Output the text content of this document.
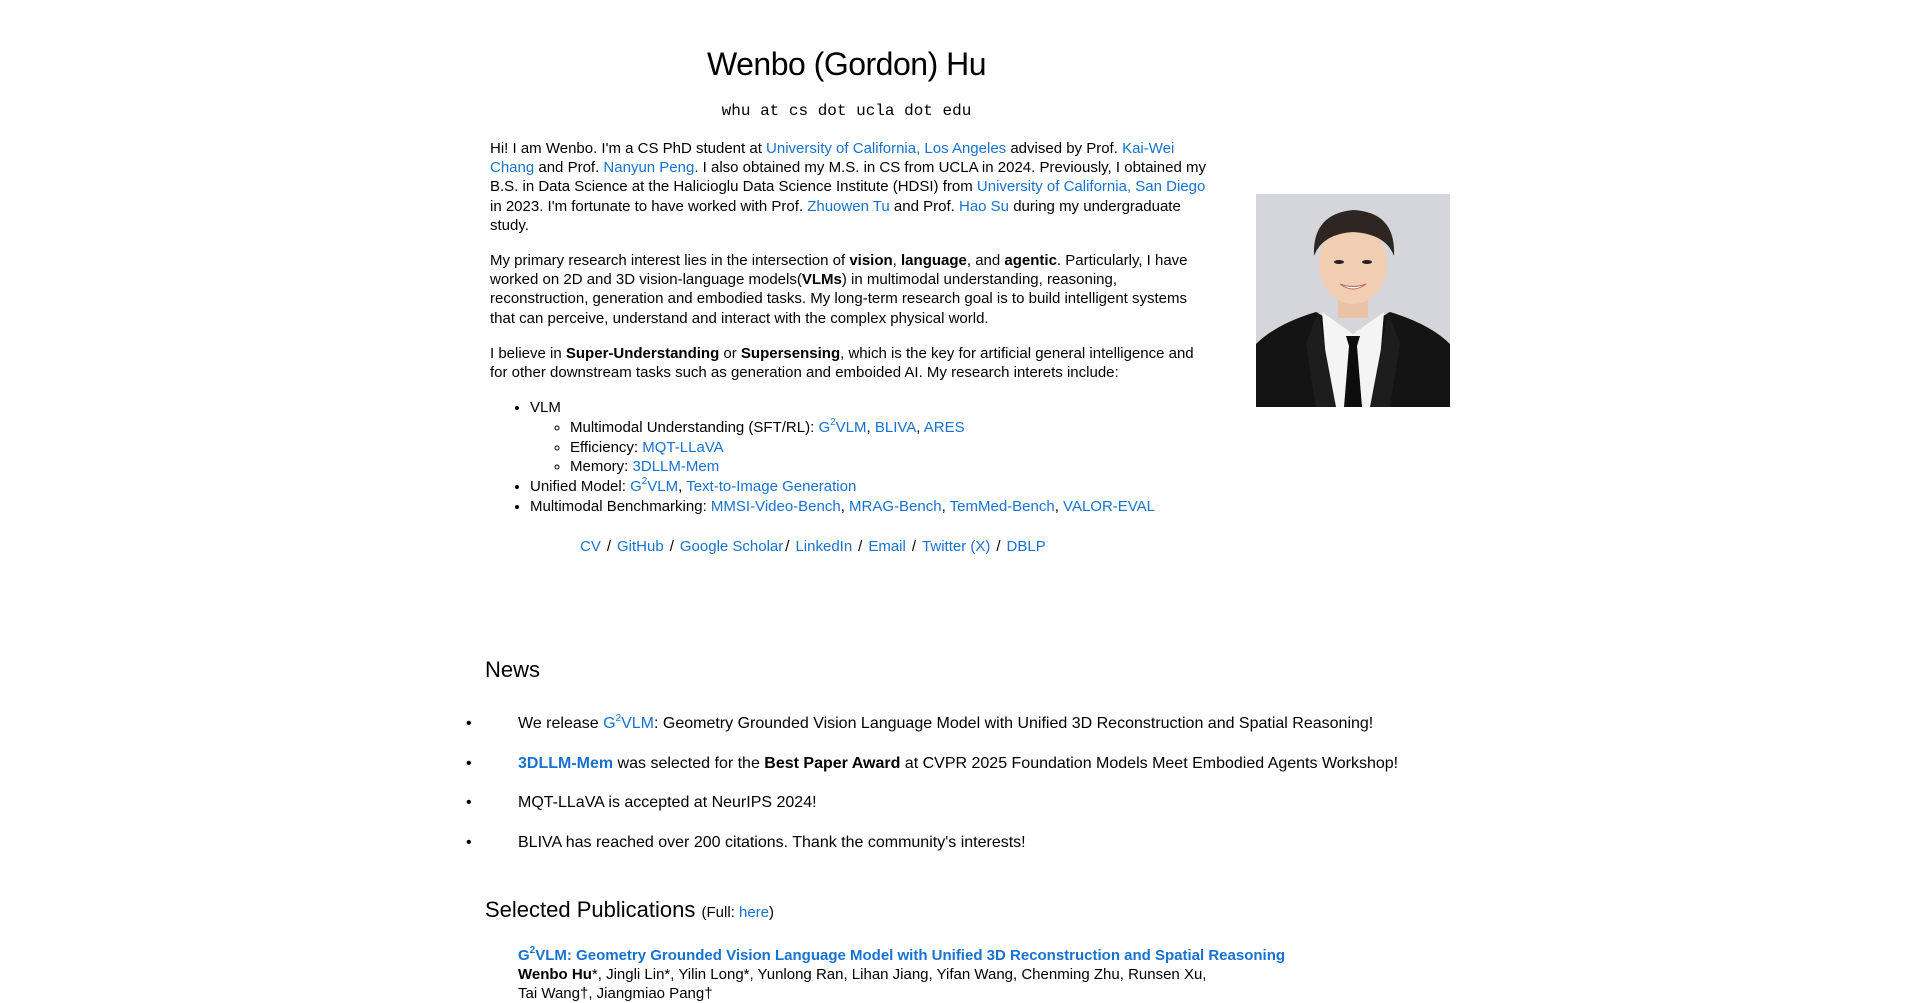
Wenbo (Gordon) Hu
whu at cs dot ucla dot edu

Hi! I am Wenbo. I'm a CS PhD student at University of California, Los Angeles advised by Prof. Kai-Wei Chang and Prof. Nanyun Peng. I also obtained my M.S. in CS from UCLA in 2024. Previously, I obtained my B.S. in Data Science at the Halicioglu Data Science Institute (HDSI) from University of California, San Diego in 2023. I'm fortunate to have worked with Prof. Zhuowen Tu and Prof. Hao Su during my undergraduate study.

My primary research interest lies in the intersection of vision, language, and agentic. Particularly, I have worked on 2D and 3D vision-language models(VLMs) in multimodal understanding, reasoning, reconstruction, generation and embodied tasks. My long-term research goal is to build intelligent systems that can perceive, understand and interact with the complex physical world.

I believe in Super-Understanding or Supersensing, which is the key for artificial general intelligence and for other downstream tasks such as generation and emboided AI. My research interets include:

• VLM
◦ Multimodal Understanding (SFT/RL): G$^2$VLM, BLIVA, ARES
◦ Efficiency: MQT-LLaVA
◦ Memory: 3DLLM-Mem
• Unified Model: G$^2$VLM, Text-to-Image Generation
• Multimodal Benchmarking: MMSI-Video-Bench, MRAG-Bench, TemMed-Bench, VALOR-EVAL
CV / GitHub / Google Scholar / LinkedIn / Email / Twitter (X) / DBLP
News
•	We release G$^2$VLM: Geometry Grounded Vision Language Model with Unified 3D Reconstruction and Spatial Reasoning!
•	3DLLM-Mem was selected for the Best Paper Award at CVPR 2025 Foundation Models Meet Embodied Agents Workshop!
•	MQT-LLaVA is accepted at NeurIPS 2024!
•	BLIVA has reached over 200 citations. Thank the community's interests!
Selected Publications (Full: here)
G$^2$VLM: Geometry Grounded Vision Language Model with Unified 3D Reconstruction and Spatial Reasoning
Wenbo Hu*, Jingli Lin*, Yilin Long*, Yunlong Ran, Lihan Jiang, Yifan Wang, Chenming Zhu, Runsen Xu,
Tai Wang†, Jiangmiao Pang†
